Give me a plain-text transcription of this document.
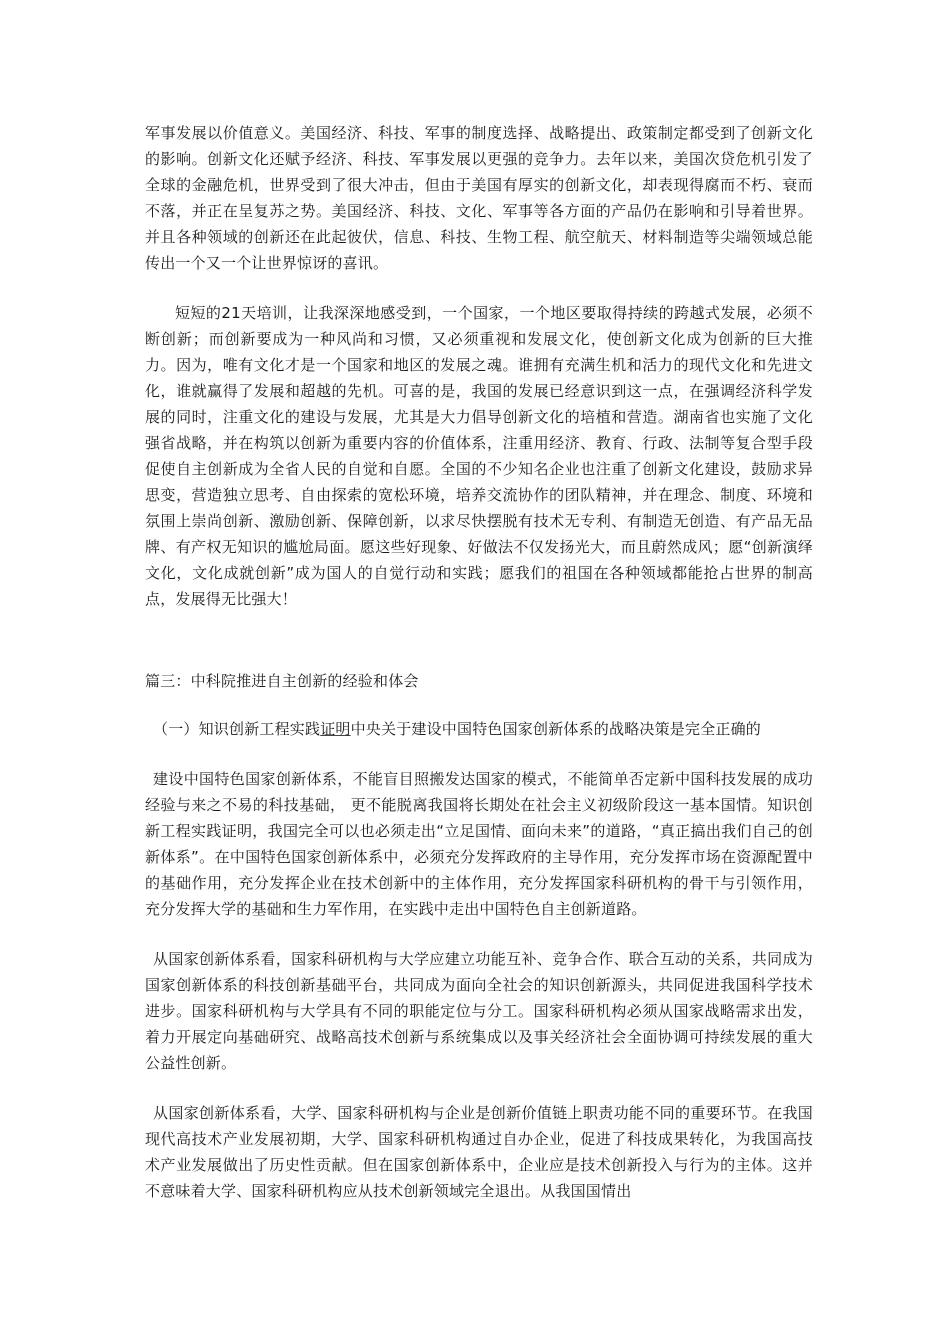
军事发展以价值意义。美国经济、科技、军事的制度选择、战略提出、政策制定都受到了创新文化的影响。创新文化还赋予经济、科技、军事发展以更强的竞争力。去年以来，美国次贷危机引发了全球的金融危机，世界受到了很大冲击，但由于美国有厚实的创新文化，却表现得腐而不朽、衰而不落，并正在呈复苏之势。美国经济、科技、文化、军事等各方面的产品仍在影响和引导着世界。并且各种领域的创新还在此起彼伏，信息、科技、生物工程、航空航天、材料制造等尖端领域总能传出一个又一个让世界惊讶的喜讯。

短短的21天培训，让我深深地感受到，一个国家，一个地区要取得持续的跨越式发展，必须不断创新；而创新要成为一种风尚和习惯，又必须重视和发展文化，使创新文化成为创新的巨大推力。因为，唯有文化才是一个国家和地区的发展之魂。谁拥有充满生机和活力的现代文化和先进文化，谁就赢得了发展和超越的先机。可喜的是，我国的发展已经意识到这一点，在强调经济科学发展的同时，注重文化的建设与发展，尤其是大力倡导创新文化的培植和营造。湖南省也实施了文化强省战略，并在构筑以创新为重要内容的价值体系，注重用经济、教育、行政、法制等复合型手段促使自主创新成为全省人民的自觉和自愿。全国的不少知名企业也注重了创新文化建设，鼓励求异思变，营造独立思考、自由探索的宽松环境，培养交流协作的团队精神，并在理念、制度、环境和氛围上崇尚创新、激励创新、保障创新，以求尽快摆脱有技术无专利、有制造无创造、有产品无品牌、有产权无知识的尴尬局面。愿这些好现象、好做法不仅发扬光大，而且蔚然成风；愿“创新演绎文化，文化成就创新”成为国人的自觉行动和实践；愿我们的祖国在各种领域都能抢占世界的制高点，发展得无比强大！

篇三：中科院推进自主创新的经验和体会

（一）知识创新工程实践证明中央关于建设中国特色国家创新体系的战略决策是完全正确的

建设中国特色国家创新体系，不能盲目照搬发达国家的模式，不能简单否定新中国科技发展的成功经验与来之不易的科技基础， 更不能脱离我国将长期处在社会主义初级阶段这一基本国情。知识创新工程实践证明，我国完全可以也必须走出“立足国情、面向未来”的道路，“真正搞出我们自己的创新体系”。在中国特色国家创新体系中，必须充分发挥政府的主导作用，充分发挥市场在资源配置中的基础作用，充分发挥企业在技术创新中的主体作用，充分发挥国家科研机构的骨干与引领作用，充分发挥大学的基础和生力军作用，在实践中走出中国特色自主创新道路。

从国家创新体系看，国家科研机构与大学应建立功能互补、竞争合作、联合互动的关系，共同成为国家创新体系的科技创新基础平台，共同成为面向全社会的知识创新源头，共同促进我国科学技术进步。国家科研机构与大学具有不同的职能定位与分工。国家科研机构必须从国家战略需求出发，着力开展定向基础研究、战略高技术创新与系统集成以及事关经济社会全面协调可持续发展的重大公益性创新。

从国家创新体系看，大学、国家科研机构与企业是创新价值链上职责功能不同的重要环节。在我国现代高技术产业发展初期，大学、国家科研机构通过自办企业，促进了科技成果转化，为我国高技术产业发展做出了历史性贡献。但在国家创新体系中，企业应是技术创新投入与行为的主体。这并不意味着大学、国家科研机构应从技术创新领域完全退出。从我国国情出
